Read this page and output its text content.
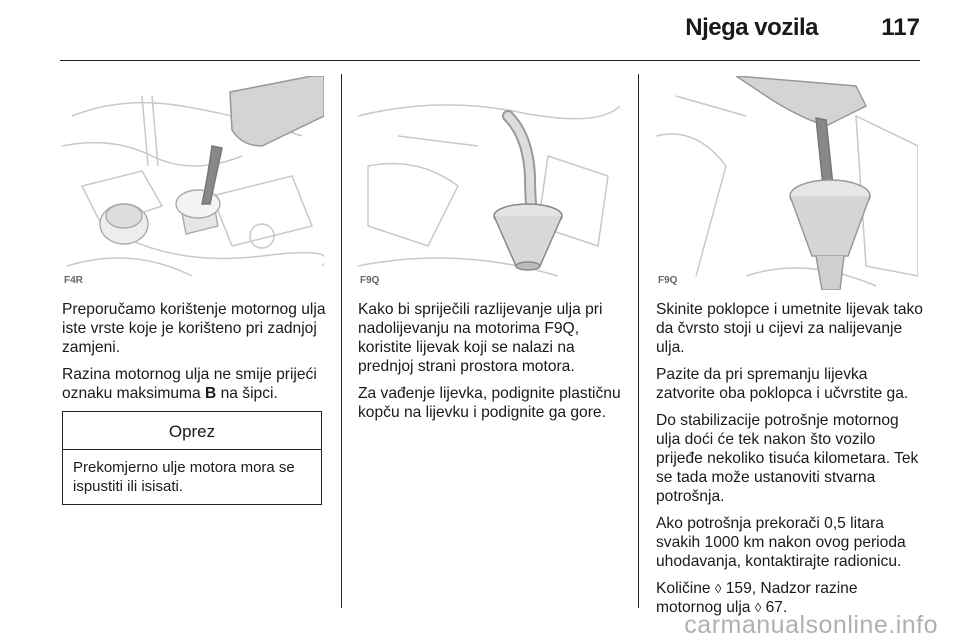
Njega vozila	117
F4R	F9Q	F9Q

Preporučamo korištenje motornog ulja iste vrste koje je korišteno pri zadnjoj zamjeni.

Razina motornog ulja ne smije prijeći oznaku maksimuma B na šipci.

Oprez
Prekomjerno ulje motora mora se ispustiti ili isisati.

Kako bi spriječili razlijevanje ulja pri nadolijevanju na motorima F9Q, koristite lijevak koji se nalazi na prednjoj strani prostora motora.

Za vađenje lijevka, podignite plastičnu kopču na lijevku i podignite ga gore.

Skinite poklopce i umetnite lijevak tako da čvrsto stoji u cijevi za nalijevanje ulja.

Pazite da pri spremanju lijevka zatvorite oba poklopca i učvrstite ga.

Do stabilizacije potrošnje motornog ulja doći će tek nakon što vozilo prijeđe nekoliko tisuća kilometara. Tek se tada može ustanoviti stvarna potrošnja.

Ako potrošnja prekorači 0,5 litara svakih 1000 km nakon ovog perioda uhodavanja, kontaktirajte radionicu.

Količine ◊ 159, Nadzor razine motornog ulja ◊ 67.

carmanualsonline.info
